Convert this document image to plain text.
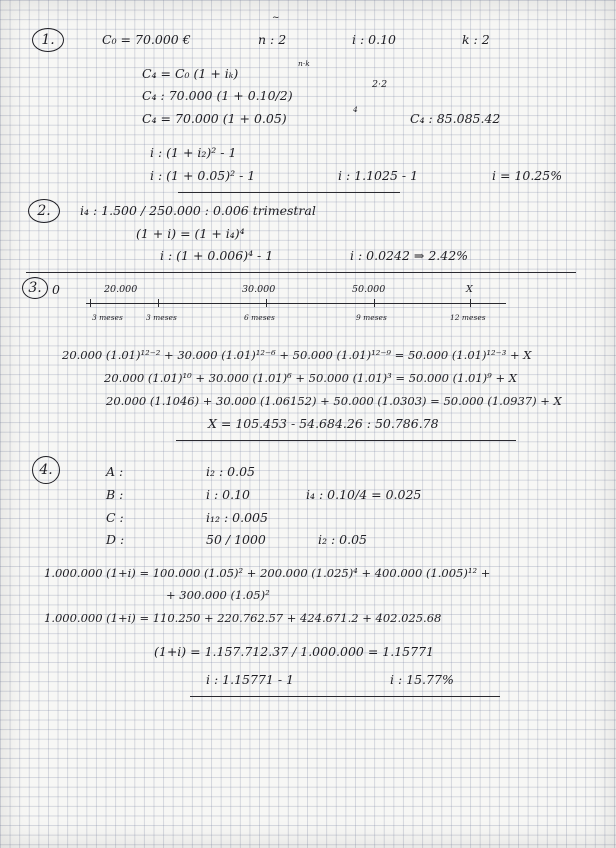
~
1.	C₀ = 70.000 €	n : 2	i : 0.10	k : 2
C₄ = C₀ (1 + iₖ)
n·k
C₄ : 70.000 (1 + 0.10/2)
2·2
C₄ = 70.000 (1 + 0.05)
4
C₄ : 85.085.42
i : (1 + i₂)² - 1
i : (1 + 0.05)² - 1	i : 1.1025 - 1	i = 10.25%
2.	i₄ : 1.500 / 250.000 : 0.006 trimestral
(1 + i) = (1 + i₄)⁴
i : (1 + 0.006)⁴ - 1	i : 0.0242 ⇒ 2.42%
3. 0	20.000	30.000	50.000	X
3 meses	3 meses	6 meses	9 meses	12 meses
20.000 (1.01)¹²⁻² + 30.000 (1.01)¹²⁻⁶ + 50.000 (1.01)¹²⁻⁹ = 50.000 (1.01)¹²⁻³ + X
20.000 (1.01)¹⁰ + 30.000 (1.01)⁶ + 50.000 (1.01)³ = 50.000 (1.01)⁹ + X
20.000 (1.1046) + 30.000 (1.06152) + 50.000 (1.0303) = 50.000 (1.0937) + X
X = 105.453 - 54.684.26 : 50.786.78
4.	A :	i₂ : 0.05
B :	i : 0.10	i₄ : 0.10/4 = 0.025
C :	i₁₂ : 0.005
D :	50 / 1000	i₂ : 0.05
1.000.000 (1+i) = 100.000 (1.05)² + 200.000 (1.025)⁴ + 400.000 (1.005)¹² +
+ 300.000 (1.05)²
1.000.000 (1+i) = 110.250 + 220.762.57 + 424.671.2 + 402.025.68
(1+i) = 1.157.712.37 / 1.000.000 = 1.15771
i : 1.15771 - 1	i : 15.77%
